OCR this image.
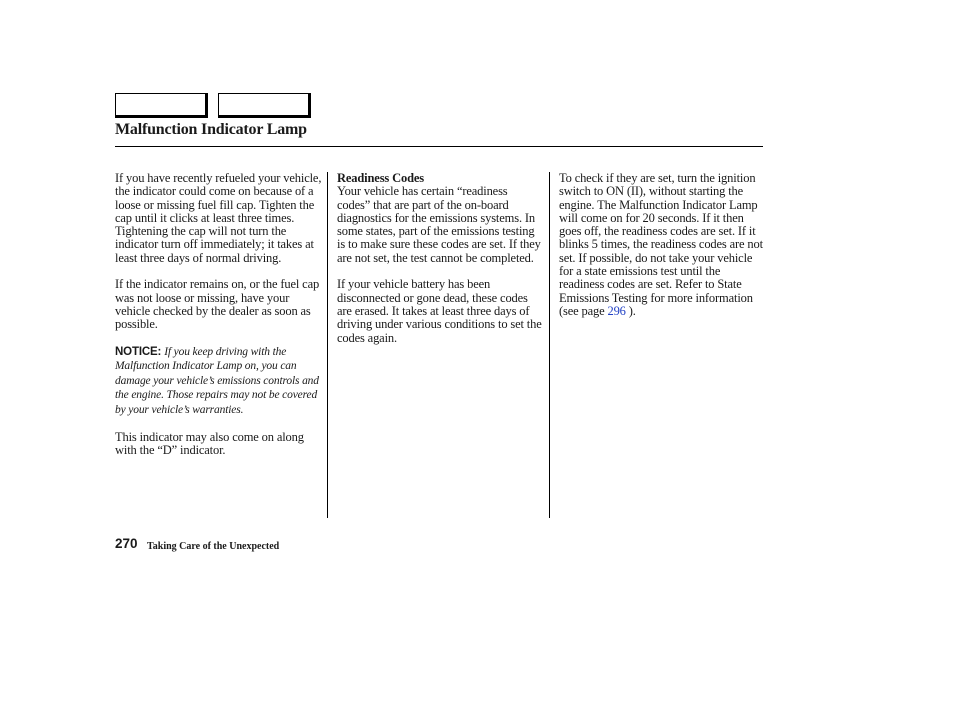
Malfunction Indicator Lamp

If you have recently refueled your vehicle, the indicator could come on because of a loose or missing fuel fill cap. Tighten the cap until it clicks at least three times. Tightening the cap will not turn the indicator turn off immediately; it takes at least three days of normal driving.

If the indicator remains on, or the fuel cap was not loose or missing, have your vehicle checked by the dealer as soon as possible.

NOTICE: If you keep driving with the Malfunction Indicator Lamp on, you can damage your vehicle’s emissions controls and the engine. Those repairs may not be covered by your vehicle’s warranties.

This indicator may also come on along with the “D” indicator.

Readiness Codes

Your vehicle has certain “readiness codes” that are part of the on-board diagnostics for the emissions systems. In some states, part of the emissions testing is to make sure these codes are set. If they are not set, the test cannot be completed.

If your vehicle battery has been disconnected or gone dead, these codes are erased. It takes at least three days of driving under various conditions to set the codes again.

To check if they are set, turn the ignition switch to ON (II), without starting the engine. The Malfunction Indicator Lamp will come on for 20 seconds. If it then goes off, the readiness codes are set. If it blinks 5 times, the readiness codes are not set. If possible, do not take your vehicle for a state emissions test until the readiness codes are set. Refer to State Emissions Testing for more information (see page 296 ).

270 Taking Care of the Unexpected
